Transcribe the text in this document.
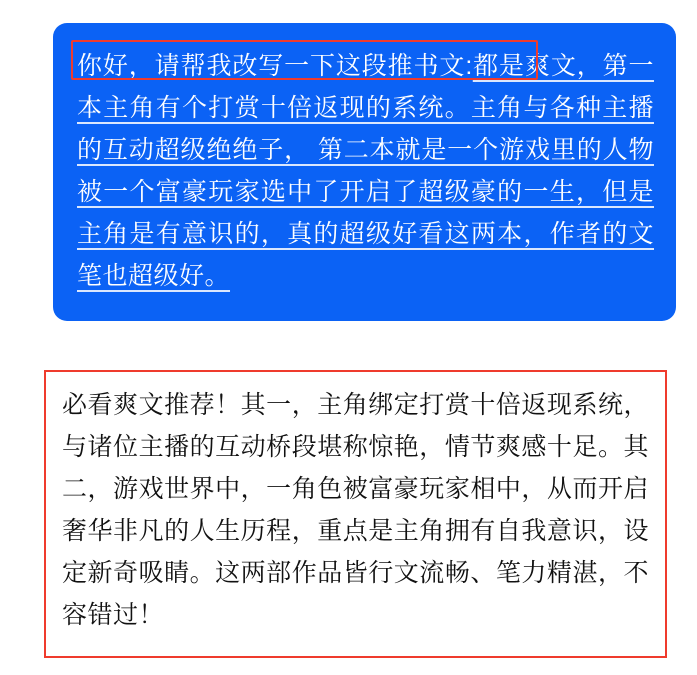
你好，请帮我改写一下这段推书文:都是爽文，第一本主角有个打赏十倍返现的系统。主角与各种主播的互动超级绝绝子， 第二本就是一个游戏里的人物被一个富豪玩家选中了开启了超级豪的一生，但是主角是有意识的，真的超级好看这两本，作者的文笔也超级好。
必看爽文推荐！其一，主角绑定打赏十倍返现系统，与诸位主播的互动桥段堪称惊艳，情节爽感十足。其二，游戏世界中，一角色被富豪玩家相中，从而开启奢华非凡的人生历程，重点是主角拥有自我意识，设定新奇吸睛。这两部作品皆行文流畅、笔力精湛，不容错过！
